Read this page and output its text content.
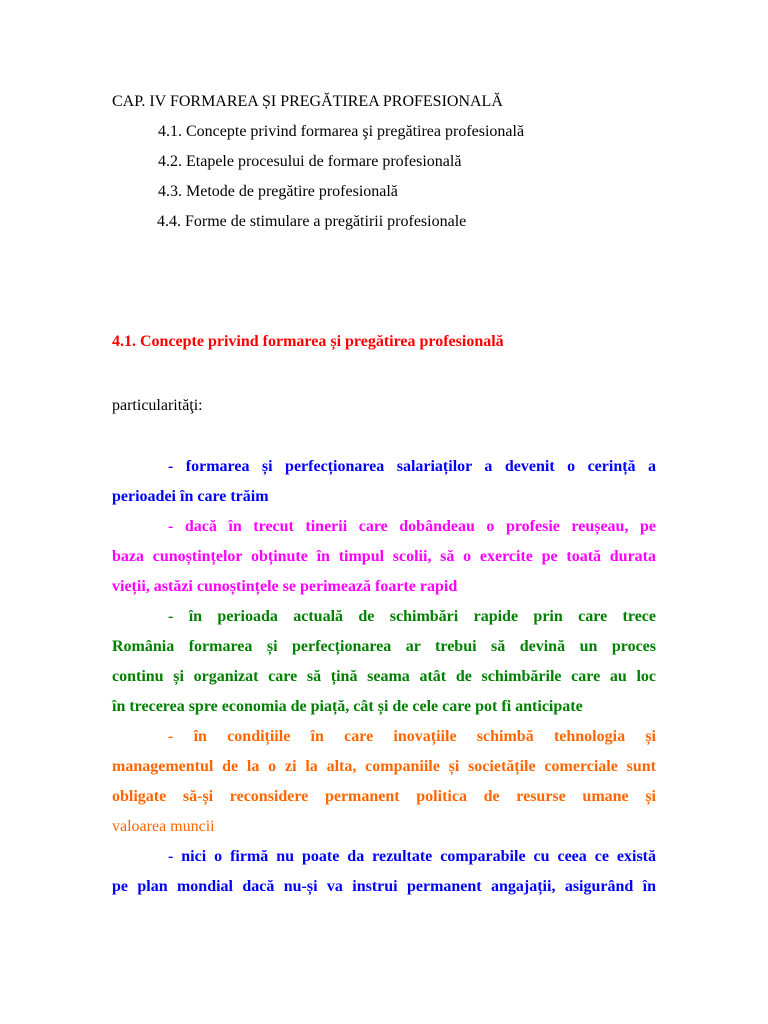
CAP. IV FORMAREA ȘI PREGĂTIREA PROFESIONALĂ

4.1. Concepte privind formarea şi pregătirea profesională

4.2. Etapele procesului de formare profesională

4.3. Metode de pregătire profesională

4.4. Forme de stimulare a pregătirii profesionale

4.1. Concepte privind formarea și pregătirea profesională

particularităţi:

- formarea și perfecționarea salariaților a devenit o cerință a
perioadei în care trăim

- dacă în trecut tinerii care dobândeau o profesie reușeau, pe
baza cunoștințelor obținute în timpul scolii, să o exercite pe toată durata
vieții, astăzi cunoștințele se perimează foarte rapid

- în perioada actuală de schimbări rapide prin care trece
România formarea și perfecționarea ar trebui să devină un proces
continu și organizat care să țină seama atât de schimbările care au loc
în trecerea spre economia de piață, cât și de cele care pot fi anticipate

- în condițiile în care inovațiile schimbă tehnologia și
managementul de la o zi la alta, companiile și societățile comerciale sunt
obligate să-și reconsidere permanent politica de resurse umane și
valoarea muncii

- nici o firmă nu poate da rezultate comparabile cu ceea ce există
pe plan mondial dacă nu-și va instrui permanent angajații, asigurând în
